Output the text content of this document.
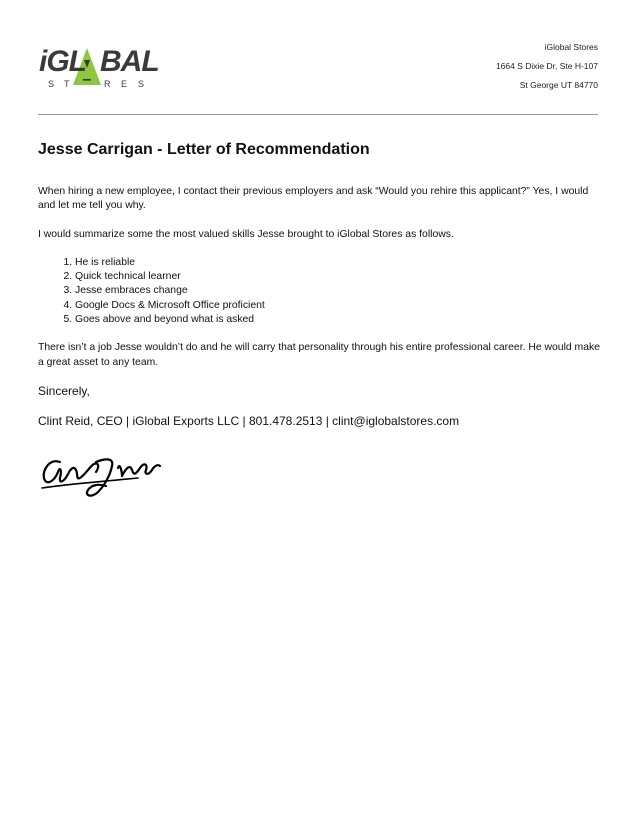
iGL BAL
S T	R E S
iGlobal Stores
1664 S Dixie Dr, Ste H-107
St George UT 84770
Jesse Carrigan - Letter of Recommendation

When hiring a new employee, I contact their previous employers and ask “Would you rehire this applicant?” Yes, I would and let me tell you why.

I would summarize some the most valued skills Jesse brought to iGlobal Stores as follows.

1. He is reliable
2. Quick technical learner
3. Jesse embraces change
4. Google Docs & Microsoft Office proficient
5. Goes above and beyond what is asked

There isn’t a job Jesse wouldn’t do and he will carry that personality through his entire professional career. He would make a great asset to any team.

Sincerely,

Clint Reid, CEO | iGlobal Exports LLC | 801.478.2513 | clint@iglobalstores.com
